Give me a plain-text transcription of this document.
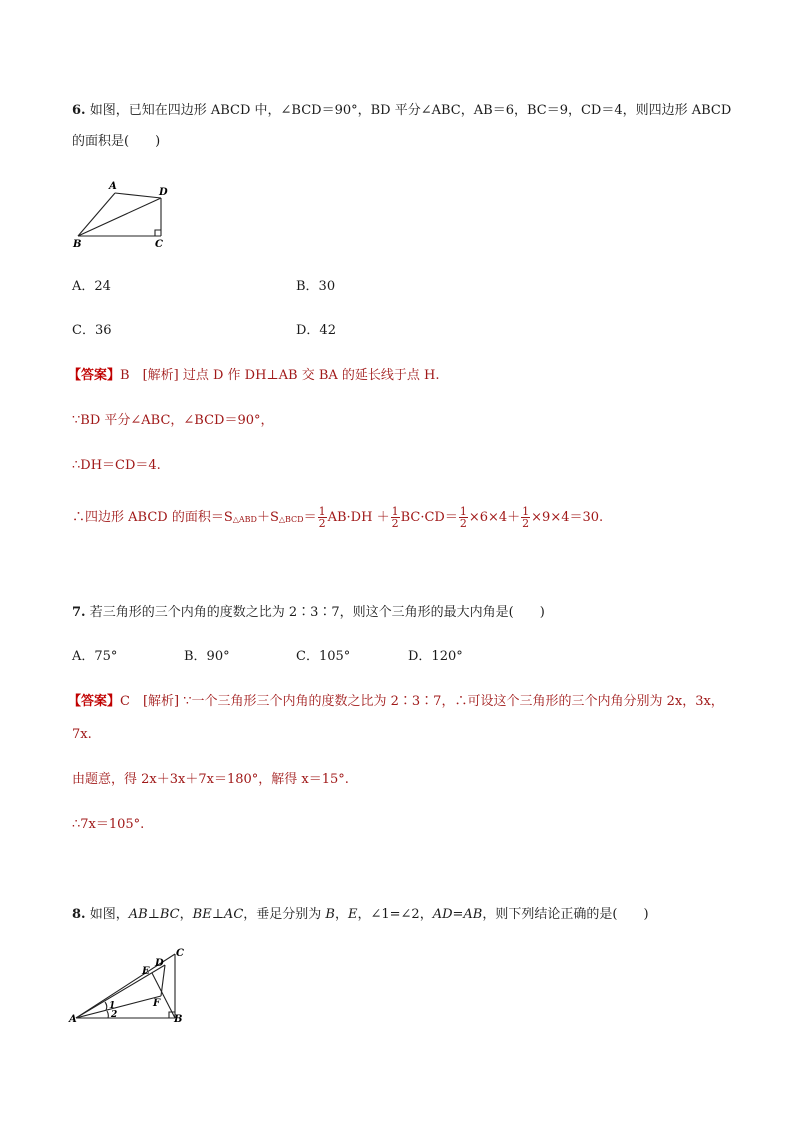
6. 如图，已知在四边形 ABCD 中，∠BCD＝90°，BD 平分∠ABC，AB＝6，BC＝9，CD＝4，则四边形 ABCD
的面积是(　　)
A
D
B	C
A．24	B．30
C．36	D．42
【答案】B　[解析] 过点 D 作 DH⊥AB 交 BA 的延长线于点 H.
∵BD 平分∠ABC，∠BCD＝90°，
∴DH＝CD＝4.
∴四边形 ABCD 的面积＝S△ABD＋S△BCD＝ $\frac{1}{2} AB\cdot DH + \frac{1}{2} BC\cdot CD= \frac{1}{2} \times 6\times 4+ \frac{1}{2} \times 9\times 4=30$.
7. 若三角形的三个内角的度数之比为 2∶3∶7，则这个三角形的最大内角是(　　)
A．75°	B．90°	C．105°	D．120°
【答案】C　[解析] ∵一个三角形三个内角的度数之比为 2∶3∶7，∴可设这个三角形的三个内角分别为 2x，3x，
7x.
由题意，得 2x＋3x＋7x＝180°，解得 x＝15°.
∴7x＝105°.
8. 如图，AB⊥BC，BE⊥AC，垂足分别为 B，E，∠1=∠2，AD=AB，则下列结论正确的是(　　)
C
D
E
F
A	B
1
2
